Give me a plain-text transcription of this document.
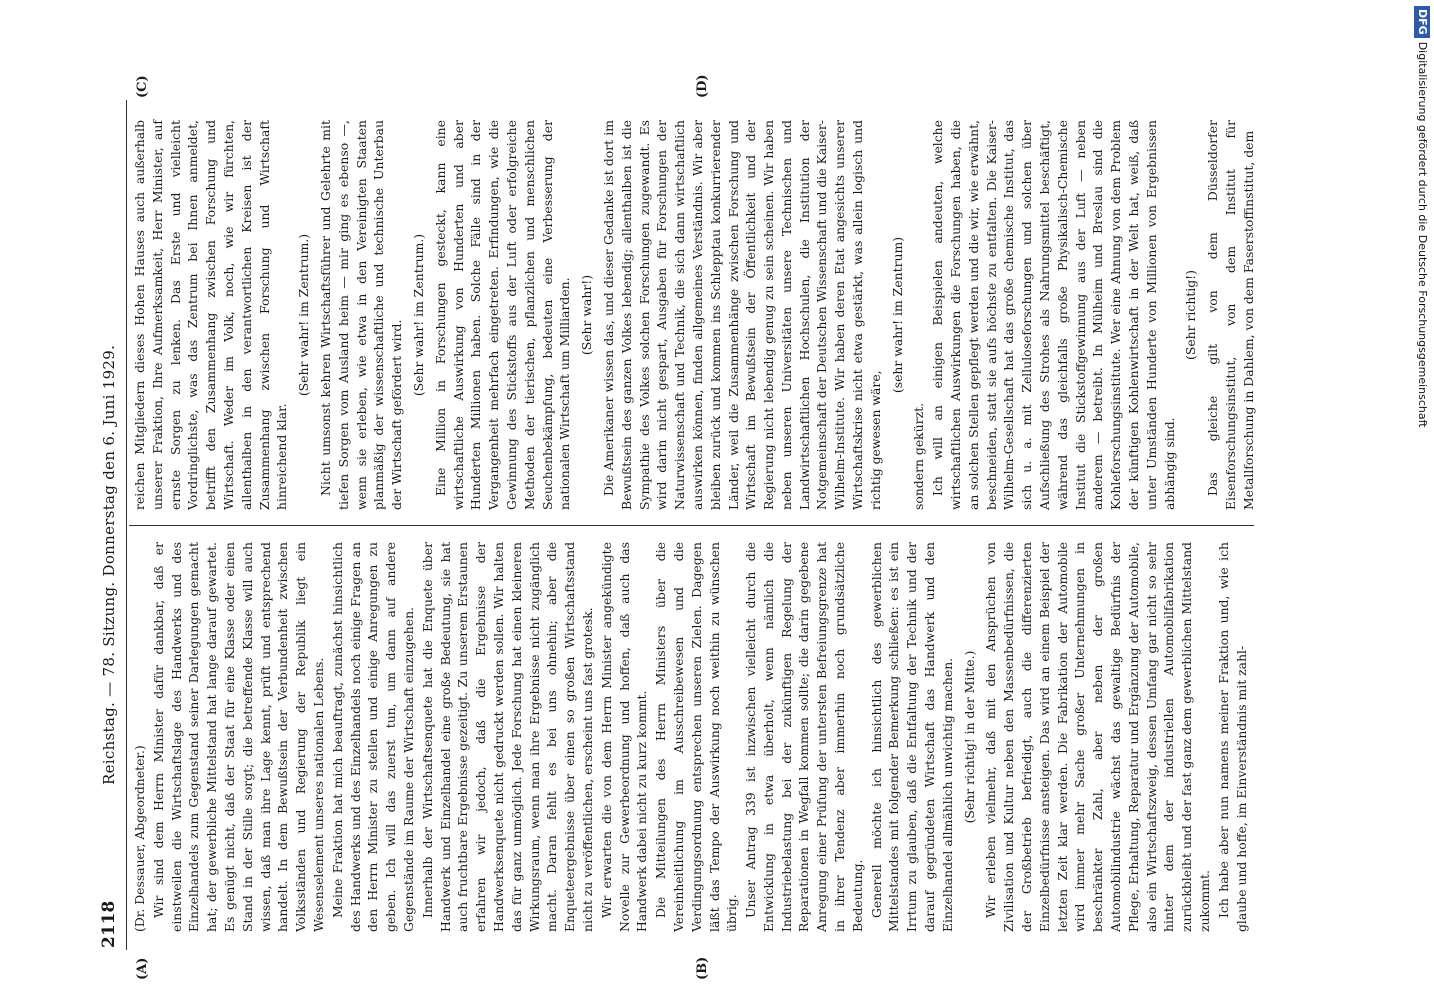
2118
Reichstag. — 78. Sitzung. Donnerstag den 6. Juni 1929.
(A)	(B)
(C)	(D)

(Dr. Dessauer, Abgeordneter.) Wir sind dem Herrn Minister dafür dankbar, daß er einstweilen die Wirtschaftslage des Handwerks und des Einzelhandels zum Gegenstand seiner Darlegungen gemacht hat; der gewerbliche Mittelstand hat lange darauf gewartet. Es genügt nicht, daß der Staat für eine Klasse oder einen Stand in der Stille sorgt; die betreffende Klasse will auch wissen, daß man ihre Lage kennt, prüft und entsprechend handelt. In dem Bewußtsein der Verbundenheit zwischen Volksständen und Regierung der Republik liegt ein Wesenselement unseres nationalen Lebens. Meine Fraktion hat mich beauftragt, zunächst hinsichtlich des Handwerks und des Einzelhandels noch einige Fragen an den Herrn Minister zu stellen und einige Anregungen zu geben. Ich will das zuerst tun, um dann auf andere Gegenstände im Raume der Wirtschaft einzugehen. Innerhalb der Wirtschaftsenquete hat die Enquete über Handwerk und Einzelhandel eine große Bedeutung, sie hat auch fruchtbare Ergebnisse gezeitigt. Zu unserem Erstaunen erfahren wir jedoch, daß die Ergebnisse der Handwerksenquete nicht gedruckt werden sollen. Wir halten das für ganz unmöglich. Jede Forschung hat einen kleineren Wirkungsraum, wenn man ihre Ergebnisse nicht zugänglich macht. Daran fehlt es bei uns ohnehin; aber die Enqueteergebnisse über einen so großen Wirtschaftsstand nicht zu veröffentlichen, erscheint uns fast grotesk. Wir erwarten die von dem Herrn Minister angekündigte Novelle zur Gewerbeordnung und hoffen, daß auch das Handwerk dabei nicht zu kurz kommt. Die Mitteilungen des Herrn Ministers über die Vereinheitlichung im Ausschreibewesen und die Verdingungsordnung entsprechen unseren Zielen. Dagegen läßt das Tempo der Auswirkung noch weithin zu wünschen übrig. Unser Antrag 339 ist inzwischen vielleicht durch die Entwicklung in etwa überholt, wenn nämlich die Industriebelastung bei der zukünftigen Regelung der Reparationen in Wegfall kommen sollte; die darin gegebene Anregung einer Prüfung der untersten Befreiungsgrenze hat in ihrer Tendenz aber immerhin noch grundsätzliche Bedeutung. Generell möchte ich hinsichtlich des gewerblichen Mittelstandes mit folgender Bemerkung schließen: es ist ein Irrtum zu glauben, daß die Entfaltung der Technik und der darauf gegründeten Wirtschaft das Handwerk und den Einzelhandel allmählich unwichtig machen. (Sehr richtig! in der Mitte.) Wir erleben vielmehr, daß mit den Ansprüchen von Zivilisation und Kultur neben den Massenbedürfnissen, die der Großbetrieb befriedigt, auch die differenzierten Einzelbedürfnisse ansteigen. Das wird an einem Beispiel der letzten Zeit klar werden. Die Fabrikation der Automobile wird immer mehr Sache großer Unternehmungen in beschränkter Zahl, aber neben der großen Automobilindustrie wächst das gewaltige Bedürfnis der Pflege, Erhaltung, Reparatur und Ergänzung der Automobile, also ein Wirtschaftszweig, dessen Umfang gar nicht so sehr hinter dem der industriellen Automobilfabrikation zurückbleibt und der fast ganz dem gewerblichen Mittelstand zukommt. Ich habe aber nun namens meiner Fraktion und, wie ich glaube und hoffe, im Einverständnis mit zahl-

reichen Mitgliedern dieses Hohen Hauses auch außerhalb unserer Fraktion, Ihre Aufmerksamkeit, Herr Minister, auf ernste Sorgen zu lenken. Das Erste und vielleicht Vordringlichste, was das Zentrum bei Ihnen anmeldet, betrifft den Zusammenhang zwischen Forschung und Wirtschaft. Weder im Volk, noch, wie wir fürchten, allenthalben in den verantwortlichen Kreisen ist der Zusammenhang zwischen Forschung und Wirtschaft hinreichend klar.

(Sehr wahr! im Zentrum.) Nicht umsonst kehren Wirtschaftsführer und Gelehrte mit tiefen Sorgen vom Ausland heim — mir ging es ebenso —, wenn sie erleben, wie etwa in den Vereinigten Staaten planmäßig der wissenschaftliche und technische Unterbau der Wirtschaft gefördert wird.

(Sehr wahr! im Zentrum.) Eine Million in Forschungen gesteckt, kann eine wirtschaftliche Auswirkung von Hunderten und aber Hunderten Millionen haben. Solche Fälle sind in der Vergangenheit mehrfach eingetreten. Erfindungen, wie die Gewinnung des Stickstoffs aus der Luft oder erfolgreiche Methoden der tierischen, pflanzlichen und menschlichen Seuchenbekämpfung, bedeuten eine Verbesserung der nationalen Wirtschaft um Milliarden. (Sehr wahr!) Die Amerikaner wissen das, und dieser Gedanke ist dort im Bewußtsein des ganzen Volkes lebendig; allenthalben ist die Sympathie des Volkes solchen Forschungen zugewandt. Es wird darin nicht gespart, Ausgaben für Forschungen der Naturwissenschaft und Technik, die sich dann wirtschaftlich auswirken können, finden allgemeines Verständnis. Wir aber bleiben zurück und kommen ins Schlepptau konkurrierender Länder, weil die Zusammenhänge zwischen Forschung und Wirtschaft im Bewußtsein der Öffentlichkeit und der Regierung nicht lebendig genug zu sein scheinen. Wir haben neben unseren Universitäten unsere Technischen und Landwirtschaftlichen Hochschulen, die Institution der Notgemeinschaft der Deutschen Wissenschaft und die Kaiser-Wilhelm-Institute. Wir haben deren Etat angesichts unserer Wirtschaftskrise nicht etwa gestärkt, was allein logisch und richtig gewesen wäre,

(sehr wahr! im Zentrum)

sondern gekürzt. Ich will an einigen Beispielen andeuten, welche wirtschaftlichen Auswirkungen die Forschungen haben, die an solchen Stellen gepflegt werden und die wir, wie erwähnt, beschneiden, statt sie aufs höchste zu entfalten. Die Kaiser-Wilhelm-Gesellschaft hat das große chemische Institut, das sich u. a. mit Zelluloseforschungen und solchen über Aufschließung des Strohes als Nahrungsmittel beschäftigt, während das gleichfalls große Physikalisch-Chemische Institut die Stickstoffgewinnung aus der Luft — neben anderem — betreibt. In Mülheim und Breslau sind die Kohleforschungsinstitute. Wer eine Ahnung von dem Problem der künftigen Kohlenwirtschaft in der Welt hat, weiß, daß unter Umständen Hunderte von Millionen von Ergebnissen abhängig sind.

(Sehr richtig!) Das gleiche gilt von dem Düsseldorfer Eisenforschungsinstitut, von dem Institut für Metallforschung in Dahlem, von dem Faserstoffinstitut, dem

DFGDigitalisierung gefördert durch die Deutsche Forschungsgemeinschaft
